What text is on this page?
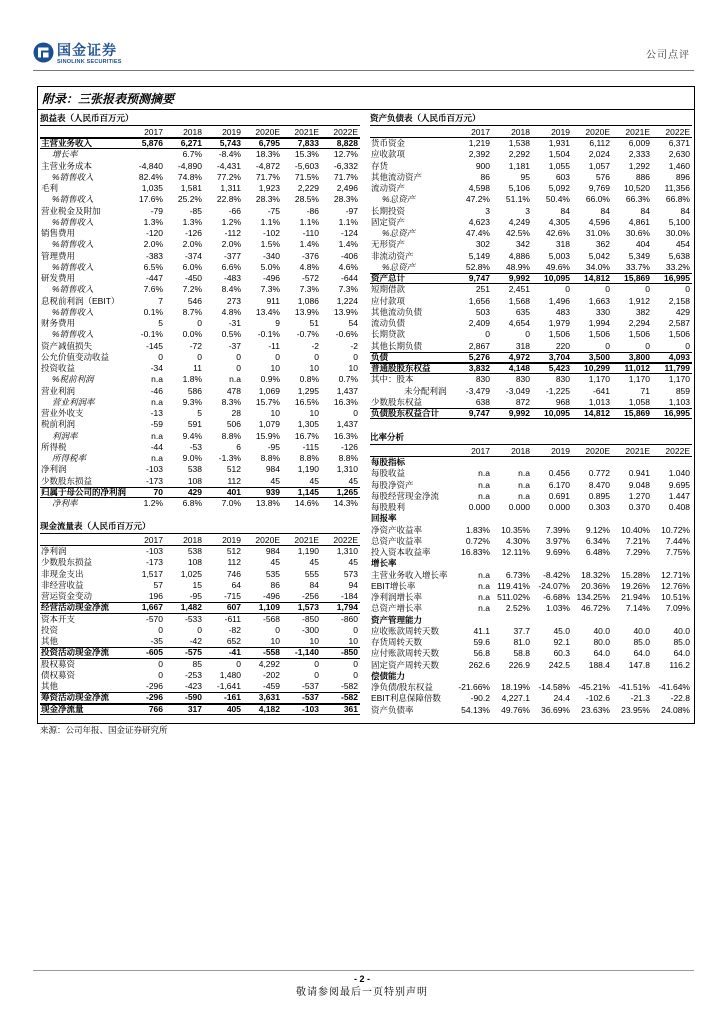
国金证券
SINOLINK SECURITIES
公司点评
附录：三张报表预测摘要
损益表（人民币百万元）
	2017	2018	2019	2020E	2021E	2022E
主营业务收入	5,876	6,271	5,743	6,795	7,833	8,828
增长率		6.7%	-8.4%	18.3%	15.3%	12.7%
主营业务成本	-4,840	-4,890	-4,431	-4,872	-5,603	-6,332
%销售收入	82.4%	74.8%	77.2%	71.7%	71.5%	71.7%
毛利	1,035	1,581	1,311	1,923	2,229	2,496
%销售收入	17.6%	25.2%	22.8%	28.3%	28.5%	28.3%
营业税金及附加	-79	-85	-66	-75	-86	-97
%销售收入	1.3%	1.3%	1.2%	1.1%	1.1%	1.1%
销售费用	-120	-126	-112	-102	-110	-124
%销售收入	2.0%	2.0%	2.0%	1.5%	1.4%	1.4%
管理费用	-383	-374	-377	-340	-376	-406
%销售收入	6.5%	6.0%	6.6%	5.0%	4.8%	4.6%
研发费用	-447	-450	-483	-496	-572	-644
%销售收入	7.6%	7.2%	8.4%	7.3%	7.3%	7.3%
息税前利润（EBIT）	7	546	273	911	1,086	1,224
%销售收入	0.1%	8.7%	4.8%	13.4%	13.9%	13.9%
财务费用	5	0	-31	9	51	54
%销售收入	-0.1%	0.0%	0.5%	-0.1%	-0.7%	-0.6%
资产减值损失	-145	-72	-37	-11	-2	-2
公允价值变动收益	0	0	0	0	0	0
投资收益	-34	11	0	10	10	10
%税前利润	n.a	1.8%	n.a	0.9%	0.8%	0.7%
营业利润	-46	586	478	1,069	1,295	1,437
营业利润率	n.a	9.3%	8.3%	15.7%	16.5%	16.3%
营业外收支	-13	5	28	10	10	0
税前利润	-59	591	506	1,079	1,305	1,437
利润率	n.a	9.4%	8.8%	15.9%	16.7%	16.3%
所得税	-44	-53	6	-95	-115	-126
所得税率	n.a	9.0%	-1.3%	8.8%	8.8%	8.8%
净利润	-103	538	512	984	1,190	1,310
少数股东损益	-173	108	112	45	45	45
归属于母公司的净利润	70	429	401	939	1,145	1,265
净利率	1.2%	6.8%	7.0%	13.8%	14.6%	14.3%
现金流量表（人民币百万元）
	2017	2018	2019	2020E	2021E	2022E
净利润	-103	538	512	984	1,190	1,310
少数股东损益	-173	108	112	45	45	45
非现金支出	1,517	1,025	746	535	555	573
非经营收益	57	15	64	86	84	94
营运资金变动	196	-95	-715	-496	-256	-184
经营活动现金净流	1,667	1,482	607	1,109	1,573	1,794
资本开支	-570	-533	-611	-568	-850	-860
投资	0	0	-82	0	-300	0
其他	-35	-42	652	10	10	10
投资活动现金净流	-605	-575	-41	-558	-1,140	-850
股权募资	0	85	0	4,292	0	0
债权募资	0	-253	1,480	-202	0	0
其他	-296	-423	-1,641	-459	-537	-582
筹资活动现金净流	-296	-590	-161	3,631	-537	-582
现金净流量	766	317	405	4,182	-103	361
资产负债表（人民币百万元）
	2017	2018	2019	2020E	2021E	2022E
货币资金	1,219	1,538	1,931	6,112	6,009	6,371
应收款项	2,392	2,292	1,504	2,024	2,333	2,630
存货	900	1,181	1,055	1,057	1,292	1,460
其他流动资产	86	95	603	576	886	896
流动资产	4,598	5,106	5,092	9,769	10,520	11,356
%总资产	47.2%	51.1%	50.4%	66.0%	66.3%	66.8%
长期投资	3	3	84	84	84	84
固定资产	4,623	4,249	4,305	4,596	4,861	5,100
%总资产	47.4%	42.5%	42.6%	31.0%	30.6%	30.0%
无形资产	302	342	318	362	404	454
非流动资产	5,149	4,886	5,003	5,042	5,349	5,638
%总资产	52.8%	48.9%	49.6%	34.0%	33.7%	33.2%
资产总计	9,747	9,992	10,095	14,812	15,869	16,995
短期借款	251	2,451	0	0	0	0
应付款项	1,656	1,568	1,496	1,663	1,912	2,158
其他流动负债	503	635	483	330	382	429
流动负债	2,409	4,654	1,979	1,994	2,294	2,587
长期贷款	0	0	1,506	1,506	1,506	1,506
其他长期负债	2,867	318	220	0	0	0
负债	5,276	4,972	3,704	3,500	3,800	4,093
普通股股东权益	3,832	4,148	5,423	10,299	11,012	11,799
其中：股本	830	830	830	1,170	1,170	1,170
未分配利润	-3,479	-3,049	-1,225	-641	71	859
少数股东权益	638	872	968	1,013	1,058	1,103
负债股东权益合计	9,747	9,992	10,095	14,812	15,869	16,995
比率分析
	2017	2018	2019	2020E	2021E	2022E
每股指标						
每股收益	n.a	n.a	0.456	0.772	0.941	1.040
每股净资产	n.a	n.a	6.170	8.470	9.048	9.695
每股经营现金净流	n.a	n.a	0.691	0.895	1.270	1.447
每股股利	0.000	0.000	0.000	0.303	0.370	0.408
回报率						
净资产收益率	1.83%	10.35%	7.39%	9.12%	10.40%	10.72%
总资产收益率	0.72%	4.30%	3.97%	6.34%	7.21%	7.44%
投入资本收益率	16.83%	12.11%	9.69%	6.48%	7.29%	7.75%
增长率						
主营业务收入增长率	n.a	6.73%	-8.42%	18.32%	15.28%	12.71%
EBIT增长率	n.a	119.41%	-24.07%	20.36%	19.26%	12.76%
净利润增长率	n.a	511.02%	-6.68%	134.25%	21.94%	10.51%
总资产增长率	n.a	2.52%	1.03%	46.72%	7.14%	7.09%
资产管理能力						
应收账款周转天数	41.1	37.7	45.0	40.0	40.0	40.0
存货周转天数	59.6	81.0	92.1	80.0	85.0	85.0
应付账款周转天数	56.8	58.8	60.3	64.0	64.0	64.0
固定资产周转天数	262.6	226.9	242.5	188.4	147.8	116.2
偿债能力						
净负债/股东权益	-21.66%	18.19%	-14.58%	-45.21%	-41.51%	-41.64%
EBIT利息保障倍数	-90.2	4,227.1	24.4	-102.6	-21.3	-22.8
资产负债率	54.13%	49.76%	36.69%	23.63%	23.95%	24.08%
来源：公司年报、国金证券研究所
- 2 -
敬请参阅最后一页特别声明
